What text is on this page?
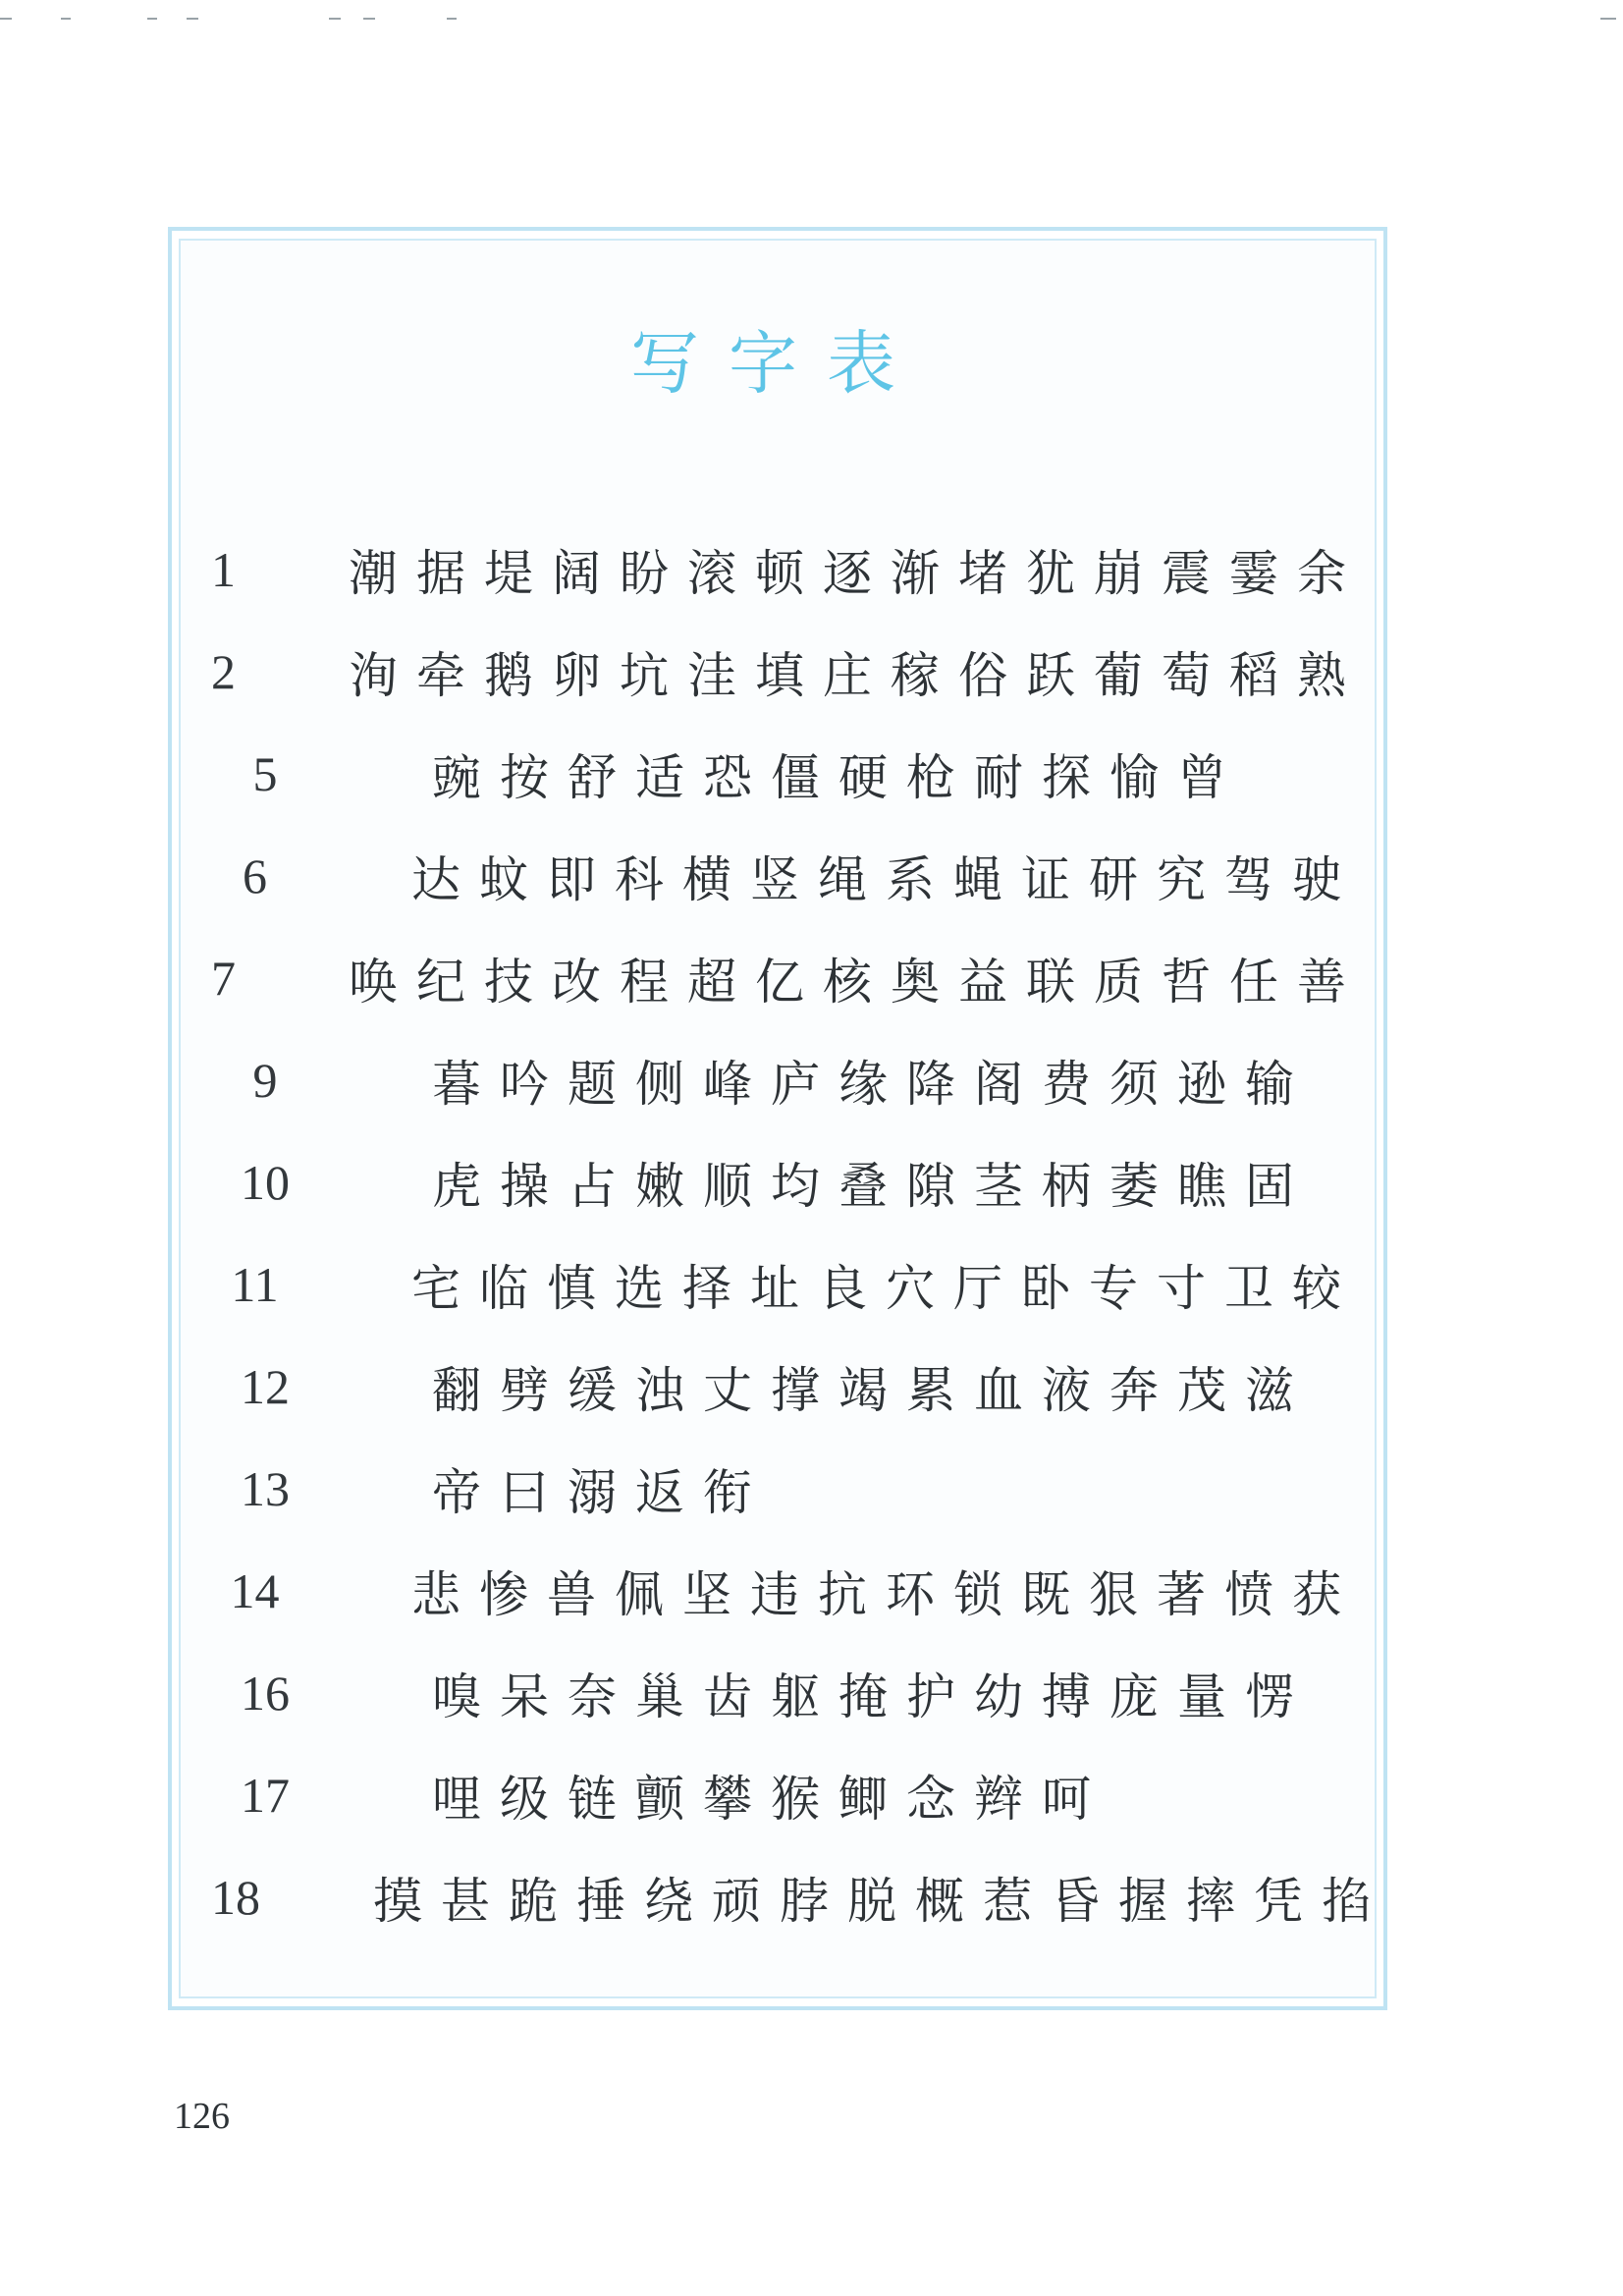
写字表
1 潮据堤阔盼滚顿逐渐堵犹崩震霎余
2 洵牵鹅卵坑洼填庄稼俗跃葡萄稻熟
5	豌按舒适恐僵硬枪耐探愉曾
6	达蚊即科横竖绳系蝇证研究驾驶
7 唤纪技改程超亿核奥益联质哲任善
9	暮吟题侧峰庐缘降阁费须逊输
10	虎操占嫩顺均叠隙茎柄萎瞧固
11	宅临慎选择址良穴厅卧专寸卫较
12	翻劈缓浊丈撑竭累血液奔茂滋
13	帝曰溺返衔
14	悲惨兽佩坚违抗环锁既狠著愤获
16	嗅呆奈巢齿躯掩护幼搏庞量愣
17	哩级链颤攀猴鲫念辫呵
18 摸甚跪捶绕顽脖脱概惹昏握摔凭掐
126
